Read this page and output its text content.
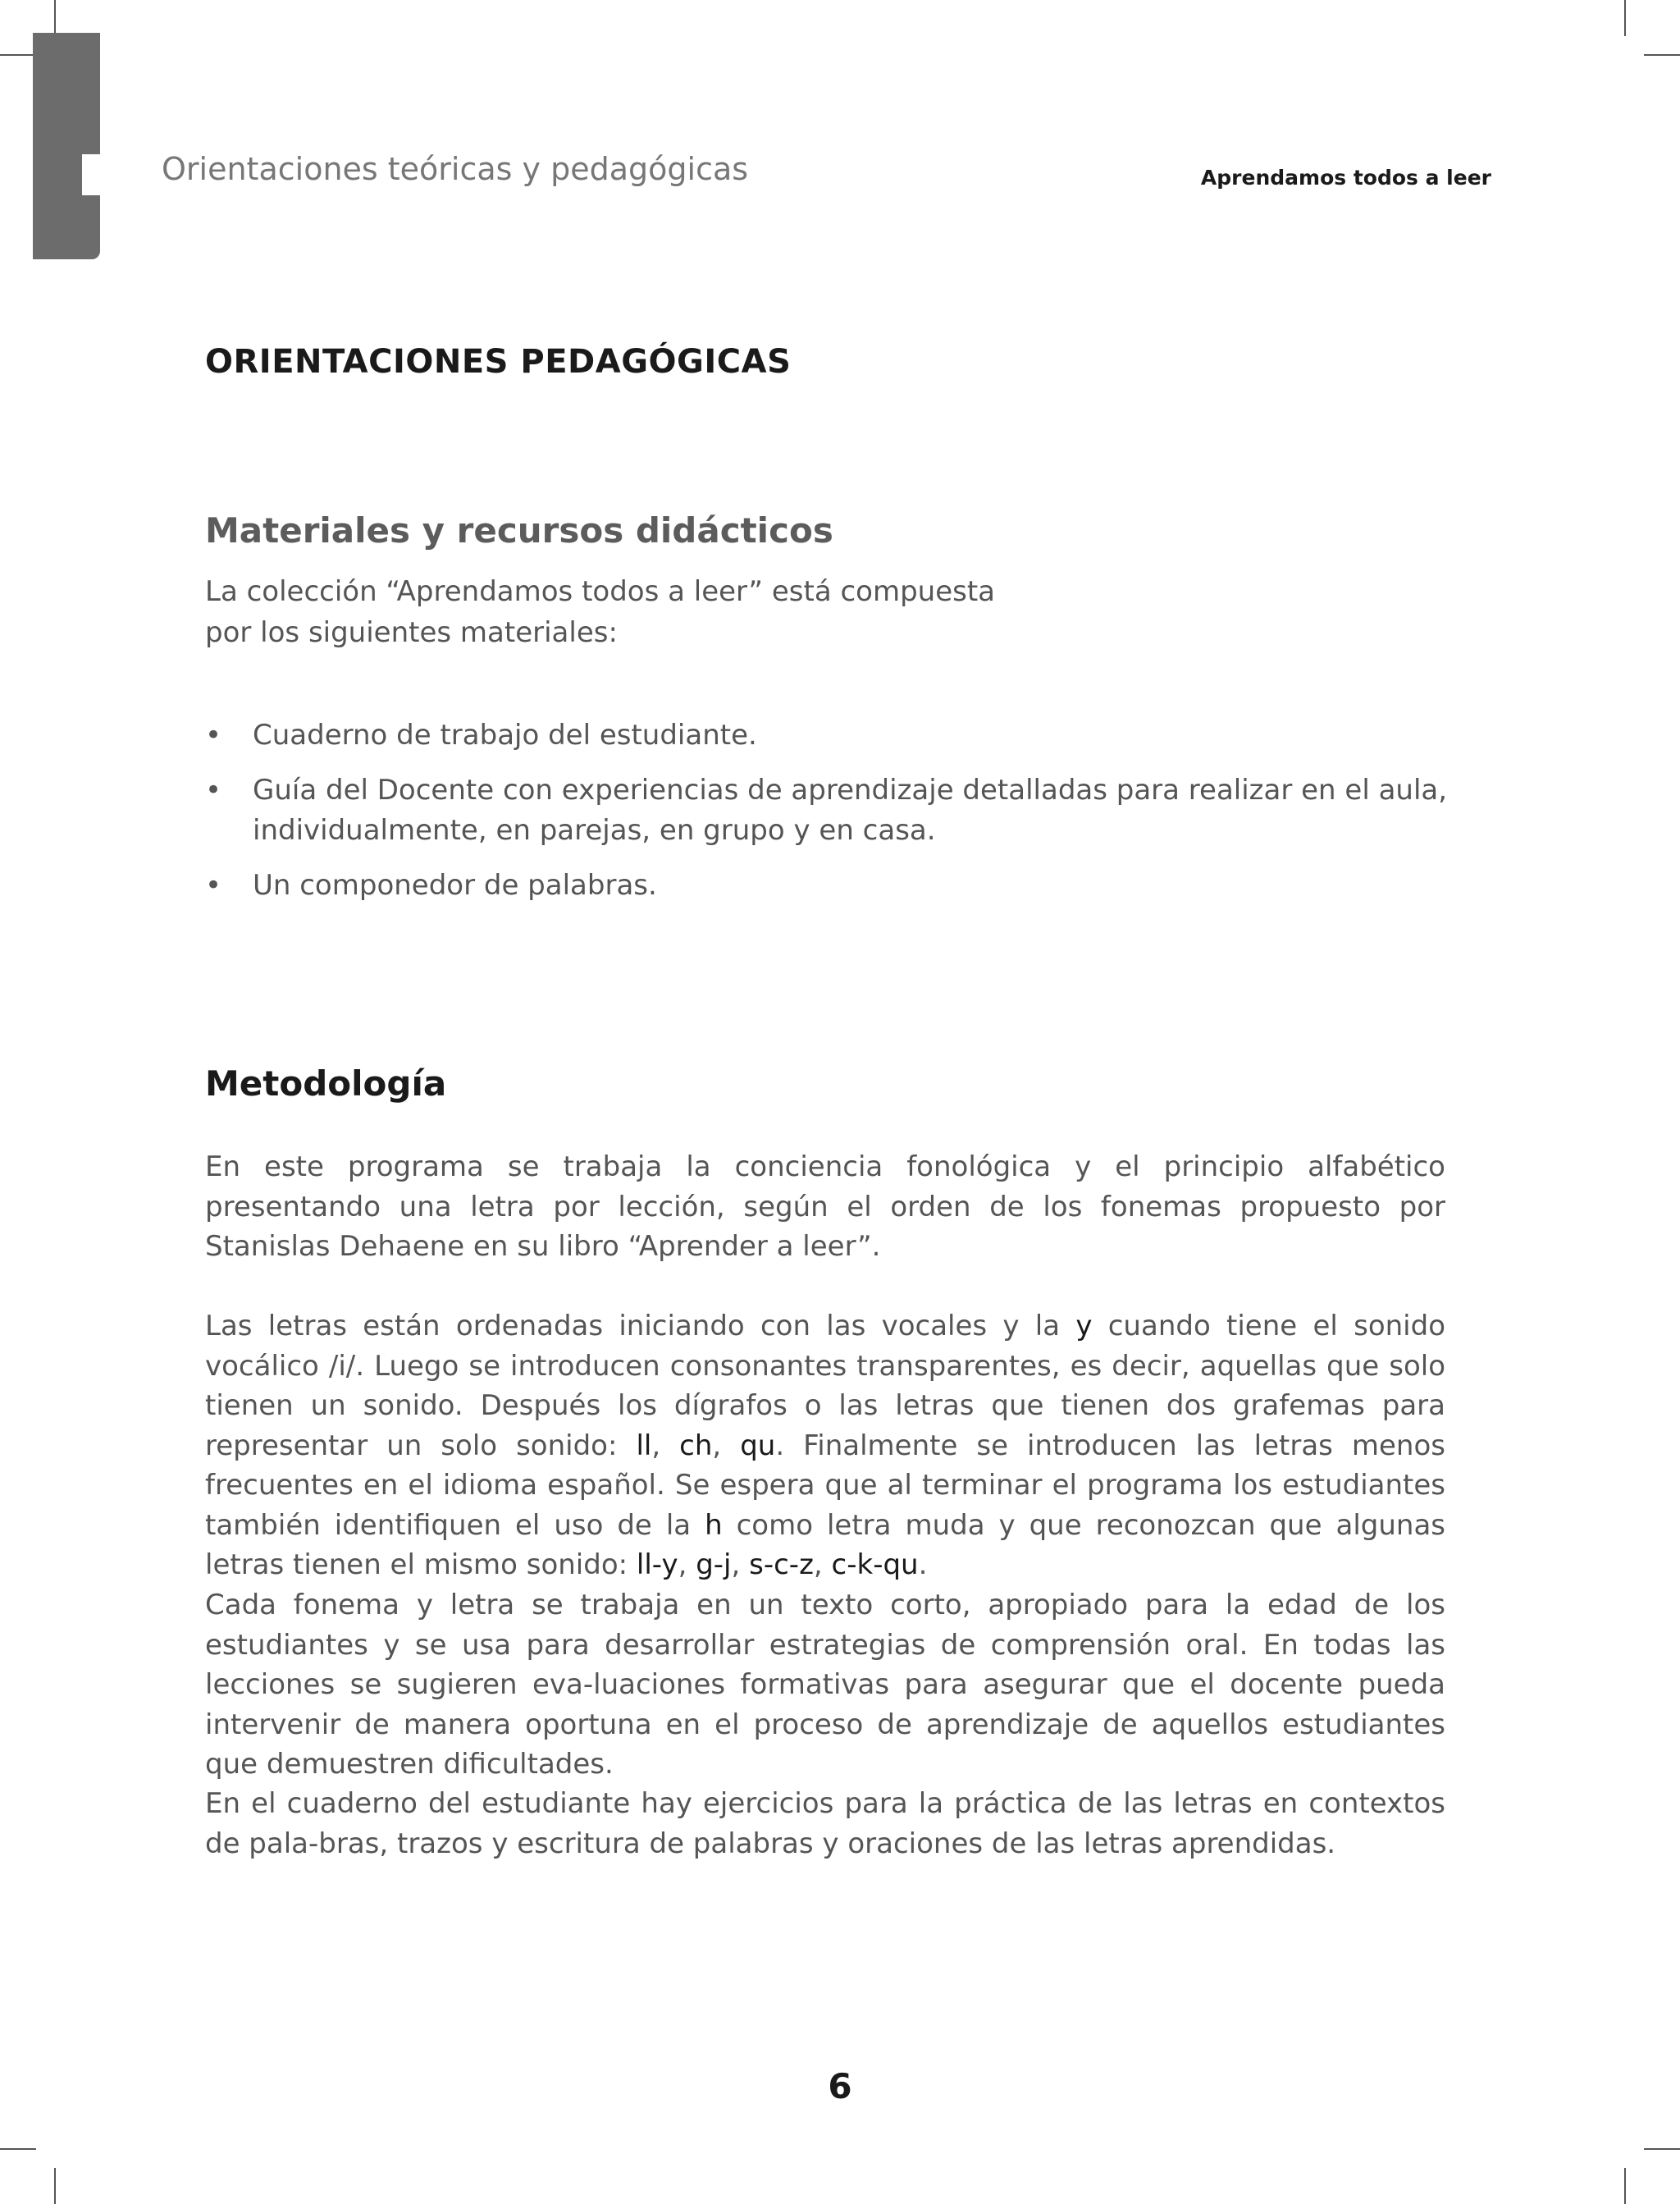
Orientaciones teóricas y pedagógicas	Aprendamos todos a leer
ORIENTACIONES PEDAGÓGICAS
Materiales y recursos didácticos
La colección “Aprendamos todos a leer” está compuesta
por los siguientes materiales:
• Cuaderno de trabajo del estudiante.
• Guía del Docente con experiencias de aprendizaje detalladas para realizar en el aula, individualmente, en parejas, en grupo y en casa.
• Un componedor de palabras.
Metodología
En este programa se trabaja la conciencia fonológica y el principio alfabético presentando una letra por lección, según el orden de los fonemas propuesto por Stanislas Dehaene en su libro “Aprender a leer”.
Las letras están ordenadas iniciando con las vocales y la y cuando tiene el sonido vocálico /i/. Luego se introducen consonantes transparentes, es decir, aquellas que solo tienen un sonido. Después los dígrafos o las letras que tienen dos grafemas para representar un solo sonido: ll, ch, qu. Finalmente se introducen las letras menos frecuentes en el idioma español. Se espera que al terminar el programa los estudiantes también identifiquen el uso de la h como letra muda y que reconozcan que algunas letras tienen el mismo sonido: ll-y, g-j, s-c-z, c-k-qu.
Cada fonema y letra se trabaja en un texto corto, apropiado para la edad de los estudiantes y se usa para desarrollar estrategias de comprensión oral. En todas las lecciones se sugieren eva-luaciones formativas para asegurar que el docente pueda intervenir de manera oportuna en el proceso de aprendizaje de aquellos estudiantes que demuestren dificultades.
En el cuaderno del estudiante hay ejercicios para la práctica de las letras en contextos de pala-bras, trazos y escritura de palabras y oraciones de las letras aprendidas.
6
